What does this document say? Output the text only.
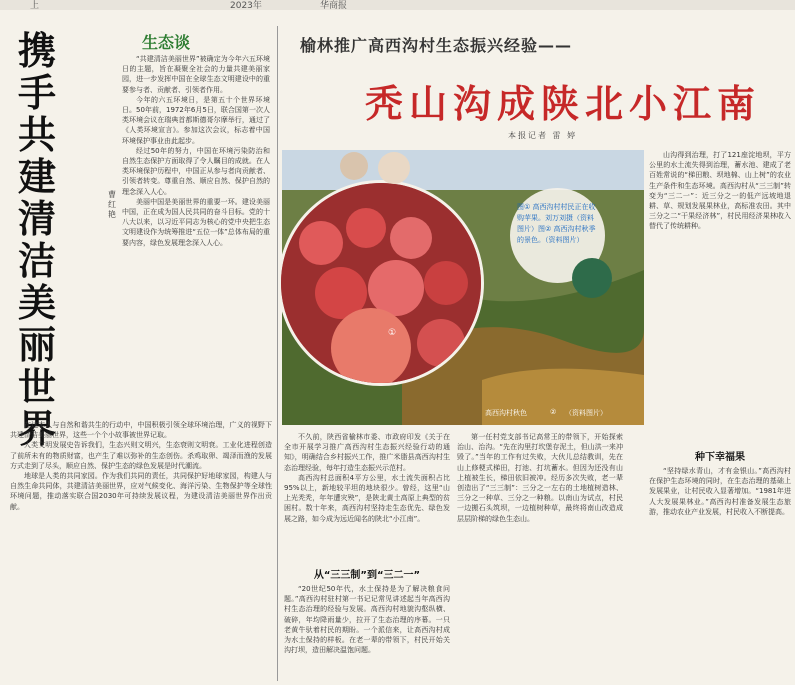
上	2023年	华商报
携手共建清洁美丽世界
生态谈
曹红艳

“共建清洁美丽世界”被确定为今年六五环境日的主题，旨在凝聚全社会的力量共建美丽家园，进一步发挥中国在全球生态文明建设中的重要参与者、贡献者、引领者作用。

今年的六五环境日，是第五十个世界环境日。50年前，1972年6月5日，联合国第一次人类环境会议在瑞典首都斯德哥尔摩举行，通过了《人类环境宣言》。参加这次会议，标志着中国环境保护事业由此起步。

经过50年的努力，中国在环境污染防治和自然生态保护方面取得了令人瞩目的成就。在人类环境保护历程中，中国正从参与者向贡献者、引领者转变。尊重自然、顺应自然、保护自然的理念深入人心。

美丽中国是美丽世界的重要一环。建设美丽中国，正在成为国人民共同的奋斗目标。党的十八大以来，以习近平同志为核心的党中央把生态文明建设作为统筹推进“五位一体”总体布局的重要内容，绿色发展理念深入人心。

在这本人与自然和谐共生的行动中，中国积极引领全球环境治理，广义的视野下共建清洁美丽世界，这些一个个小故事被世界记取。

人类文明发展史告诉我们，生态兴则文明兴，生态衰则文明衰。工业化进程创造了前所未有的物质财富，也产生了难以弥补的生态创伤。杀鸡取卵、竭泽而渔的发展方式走到了尽头，顺应自然、保护生态的绿色发展是时代潮流。

地球是人类的共同家园。作为我们共同的责任，共同保护好地球家园，构建人与自然生命共同体，共建清洁美丽世界，应对气候变化、海洋污染、生物保护等全球性环境问题，推动落实联合国2030年可持续发展议程，为建设清洁美丽世界作出贡献。

榆林推广高西沟村生态振兴经验——
秃山沟成陕北小江南
本报记者 雷 婷
①
图① 高西沟村村民正在收购苹果。刘万刘摄（资料图片）图② 高西沟村秋季的景色。（资料图片）
高西沟村秋色	（资料图片）
②

不久前，陕西省榆林市委、市政府印发《关于在全市开展学习推广高西沟村生态振兴经验行动的通知》，明确结合乡村振兴工作，推广米脂县高西沟村生态治理经验，每年打造生态振兴示范村。

高西沟村总面积4平方公里，水土流失面积占比95%以上，新地较平坦的地块很少。曾经，这里“山上光秃秃，年年遭灾殃”，是陕北黄土高原上典型的贫困村。数十年来，高西沟村坚持走生态优先、绿色发展之路，如今成为远近闻名的陕北“小江南”。

从“三三制”到“三二一”

“20世纪50年代，水土保持是为了解决粮食问题。”高西沟村驻村第一书记记常见讲述起当年高西沟村生态治理的经验与发展。高西沟村地貌沟壑纵横、破碎，年均降雨量少，拉开了生态治理的序幕。一只老黄牛驮着村民的期盼。一个派信来，让高西沟村成为水土保持的样板。在老一辈的带领下，村民开始关沟打坝，造田解决温饱问题。

第一任村党支部书记高常王的带领下，开始探索治山、治沟。“先在沟里打坎堡存泥土，但山洪一来冲毁了。”当年的工作有过失败，大伙儿总结教训，先在山上修梗式梯田，打池、打坑蓄水。但因为还没有山上植被生长，梯田依旧被冲。经历多次失败，老一辈创造出了“三三制”：三分之一左右的土地植树造林、三分之一种草、三分之一种粮。以南山为试点，村民一边搬石头筑坝，一边植树种草，最终将南山改造成层层阶梯的绿色生态山。

山沟得到治理，打了121座淀地坝，平方公里的水土流失得到治理，蓄水池、建成了老百姓常说的“梯田粮、坝地棉、山上树”的农业生产条件和生态环境。高西沟村从“三三制”转变为“三二一”：近三分之一的低产远坡地退耕、草、规划发展果林业，高标准农田。其中三分之二“干果经济林”，村民用经济果林收入替代了传统耕种。

种下幸福果

“坚持绿水青山，才有金银山。”高西沟村在保护生态环境的同时，在生态治理的基础上发展果业，让村民收入显著增加。“1981年进人大发展果林业。”高西沟村准备发展生态旅游，推动农业产业发展，村民收入不断提高。
